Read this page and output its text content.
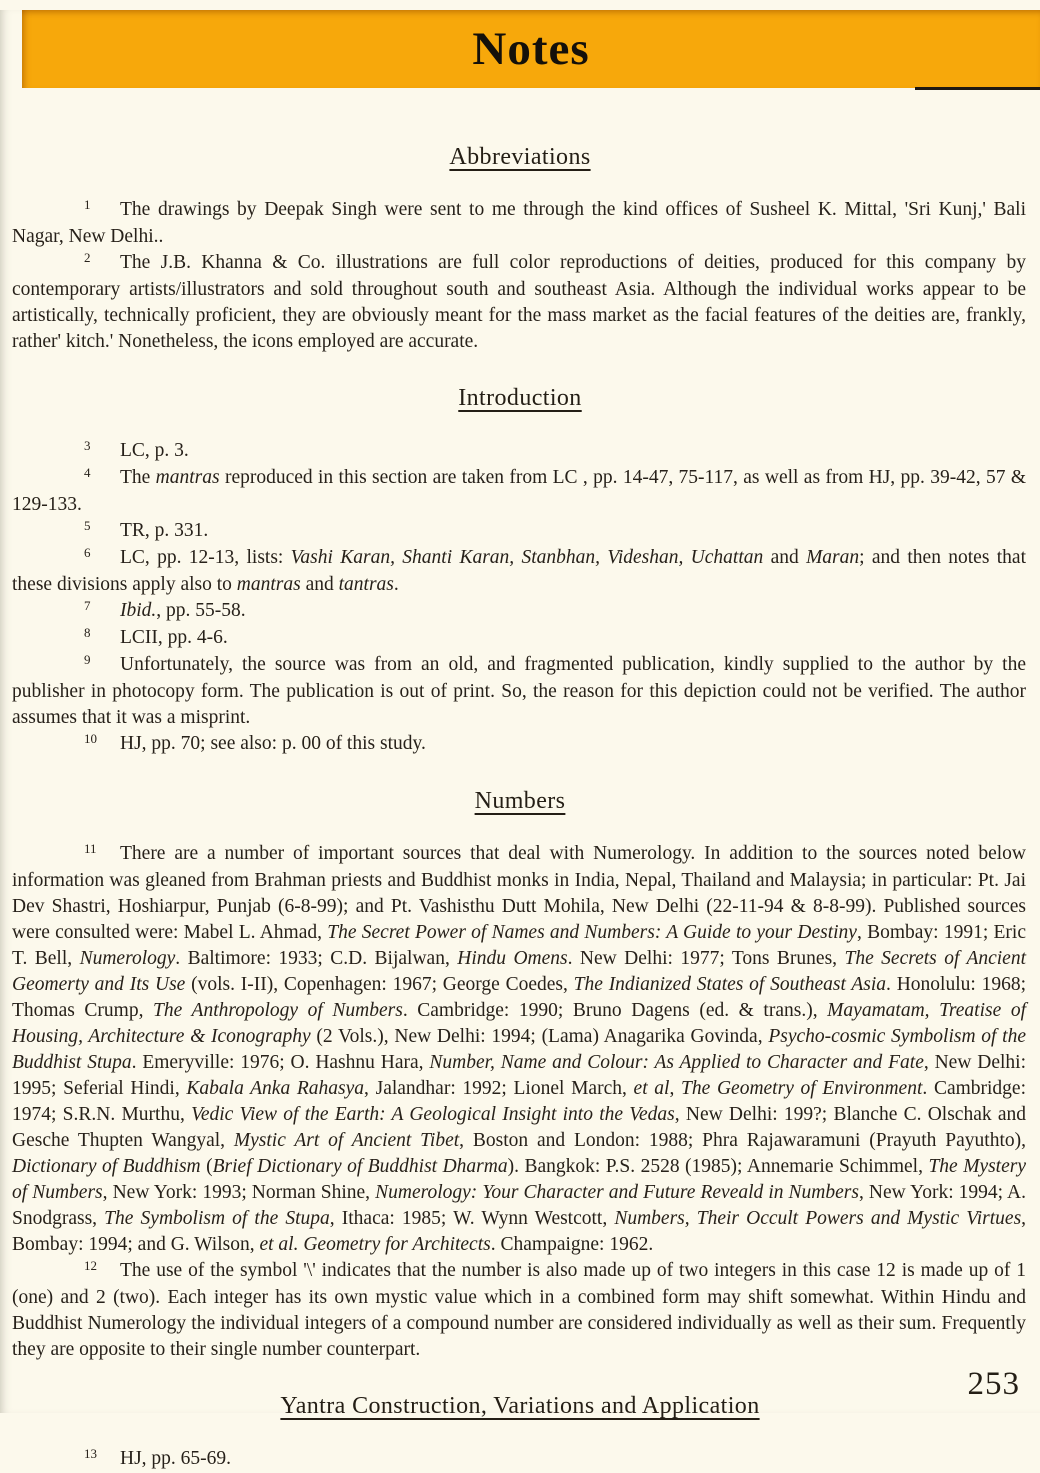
Notes
Abbreviations

1 The drawings by Deepak Singh were sent to me through the kind offices of Susheel K. Mittal, 'Sri Kunj,' Bali Nagar, New Delhi..

2 The J.B. Khanna & Co. illustrations are full color reproductions of deities, produced for this company by contemporary artists/illustrators and sold throughout south and southeast Asia. Although the individual works appear to be artistically, technically proficient, they are obviously meant for the mass market as the facial features of the deities are, frankly, rather' kitch.' Nonetheless, the icons employed are accurate.

Introduction

3 LC, p. 3.

4 The mantras reproduced in this section are taken from LC , pp. 14-47, 75-117, as well as from HJ, pp. 39-42, 57 & 129-133.

5 TR, p. 331.

6 LC, pp. 12-13, lists: Vashi Karan, Shanti Karan, Stanbhan, Videshan, Uchattan and Maran; and then notes that these divisions apply also to mantras and tantras.

7 Ibid., pp. 55-58.

8 LCII, pp. 4-6.

9 Unfortunately, the source was from an old, and fragmented publication, kindly supplied to the author by the publisher in photocopy form. The publication is out of print. So, the reason for this depiction could not be verified. The author assumes that it was a misprint.

10 HJ, pp. 70; see also: p. 00 of this study.

Numbers

11 There are a number of important sources that deal with Numerology. In addition to the sources noted below information was gleaned from Brahman priests and Buddhist monks in India, Nepal, Thailand and Malaysia; in particular: Pt. Jai Dev Shastri, Hoshiarpur, Punjab (6-8-99); and Pt. Vashisthu Dutt Mohila, New Delhi (22-11-94 & 8-8-99). Published sources were consulted were: Mabel L. Ahmad, The Secret Power of Names and Numbers: A Guide to your Destiny, Bombay: 1991; Eric T. Bell, Numerology. Baltimore: 1933; C.D. Bijalwan, Hindu Omens. New Delhi: 1977; Tons Brunes, The Secrets of Ancient Geomerty and Its Use (vols. I-II), Copenhagen: 1967; George Coedes, The Indianized States of Southeast Asia. Honolulu: 1968; Thomas Crump, The Anthropology of Numbers. Cambridge: 1990; Bruno Dagens (ed. & trans.), Mayamatam, Treatise of Housing, Architecture & Iconography (2 Vols.), New Delhi: 1994; (Lama) Anagarika Govinda, Psycho-cosmic Symbolism of the Buddhist Stupa. Emeryville: 1976; O. Hashnu Hara, Number, Name and Colour: As Applied to Character and Fate, New Delhi: 1995; Seferial Hindi, Kabala Anka Rahasya, Jalandhar: 1992; Lionel March, et al, The Geometry of Environment. Cambridge: 1974; S.R.N. Murthu, Vedic View of the Earth: A Geological Insight into the Vedas, New Delhi: 199?; Blanche C. Olschak and Gesche Thupten Wangyal, Mystic Art of Ancient Tibet, Boston and London: 1988; Phra Rajawaramuni (Prayuth Payuthto), Dictionary of Buddhism (Brief Dictionary of Buddhist Dharma). Bangkok: P.S. 2528 (1985); Annemarie Schimmel, The Mystery of Numbers, New York: 1993; Norman Shine, Numerology: Your Character and Future Reveald in Numbers, New York: 1994; A. Snodgrass, The Symbolism of the Stupa, Ithaca: 1985; W. Wynn Westcott, Numbers, Their Occult Powers and Mystic Virtues, Bombay: 1994; and G. Wilson, et al. Geometry for Architects. Champaigne: 1962.

12 The use of the symbol '\' indicates that the number is also made up of two integers in this case 12 is made up of 1 (one) and 2 (two). Each integer has its own mystic value which in a combined form may shift somewhat. Within Hindu and Buddhist Numerology the individual integers of a compound number are considered individually as well as their sum. Frequently they are opposite to their single number counterpart.

Yantra Construction, Variations and Application

13 HJ, pp. 65-69.

253
